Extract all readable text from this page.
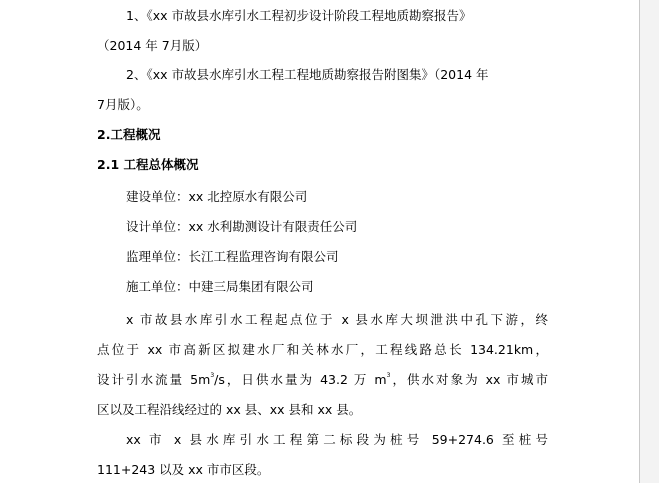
1、《xx 市故县水库引水工程初步设计阶段工程地质勘察报告》
（2014 年 7月版）
2、《xx 市故县水库引水工程工程地质勘察报告附图集》（2014 年
7月版）。
2.工程概况
2.1 工程总体概况
建设单位：xx 北控原水有限公司
设计单位：xx 水利勘测设计有限责任公司
监理单位：长江工程监理咨询有限公司
施工单位：中建三局集团有限公司
x 市故县水库引水工程起点位于 x 县水库大坝泄洪中孔下游，终
点位于 xx 市高新区拟建水厂和关林水厂，工程线路总长 134.21km，
设计引水流量 $5m^3/s$，日供水量为 43.2 万 $m^3$，供水对象为 xx 市城市
区以及工程沿线经过的 xx 县、xx 县和 xx 县。
xx 市 x 县水库引水工程第二标段为桩号 59+274.6 至桩号
111+243 以及 xx 市市区段。
